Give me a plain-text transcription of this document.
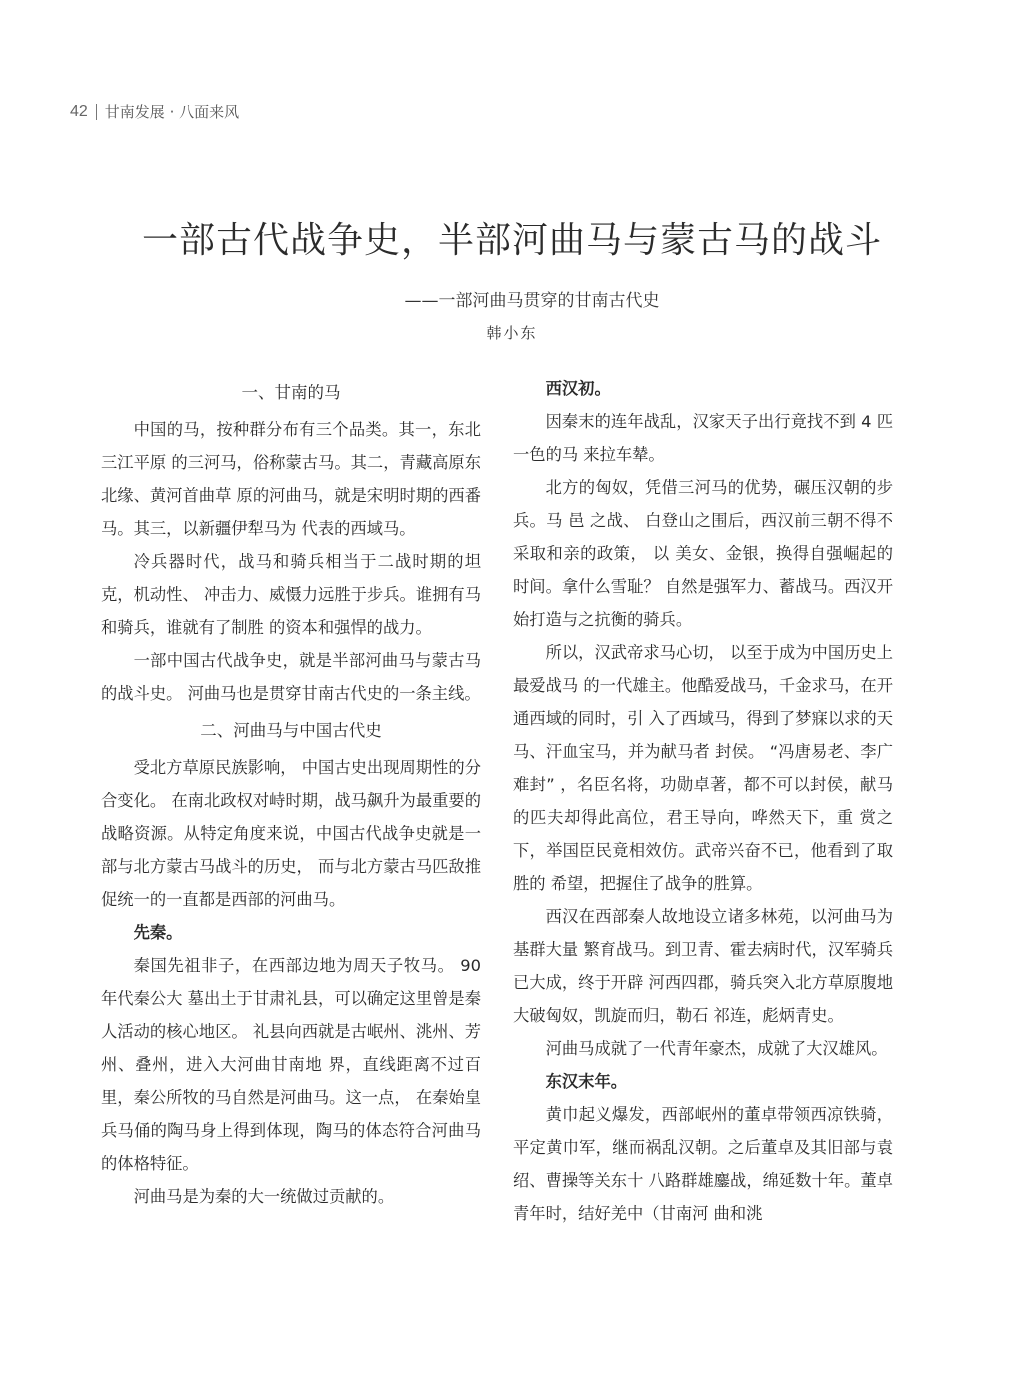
42 甘南发展 · 八面来风
一部古代战争史，半部河曲马与蒙古马的战斗
——一部河曲马贯穿的甘南古代史
韩小东
一、甘南的马

中国的马，按种群分布有三个品类。其一，东北三江平原 的三河马，俗称蒙古马。其二，青藏高原东北缘、黄河首曲草 原的河曲马，就是宋明时期的西番马。其三，以新疆伊犁马为 代表的西域马。

冷兵器时代，战马和骑兵相当于二战时期的坦克，机动性、 冲击力、威慑力远胜于步兵。谁拥有马和骑兵，谁就有了制胜 的资本和强悍的战力。

一部中国古代战争史，就是半部河曲马与蒙古马的战斗史。 河曲马也是贯穿甘南古代史的一条主线。

二、河曲马与中国古代史

受北方草原民族影响， 中国古史出现周期性的分合变化。 在南北政权对峙时期，战马飙升为最重要的战略资源。从特定角度来说，中国古代战争史就是一部与北方蒙古马战斗的历史， 而与北方蒙古马匹敌推促统一的一直都是西部的河曲马。

先秦。

秦国先祖非子，在西部边地为周天子牧马。 90 年代秦公大 墓出土于甘肃礼县，可以确定这里曾是秦人活动的核心地区。 礼县向西就是古岷州、洮州、芳州、叠州，进入大河曲甘南地 界，直线距离不过百里，秦公所牧的马自然是河曲马。这一点， 在秦始皇兵马俑的陶马身上得到体现，陶马的体态符合河曲马 的体格特征。

河曲马是为秦的大一统做过贡献的。

西汉初。

因秦末的连年战乱，汉家天子出行竟找不到 4 匹一色的马 来拉车辇。

北方的匈奴，凭借三河马的优势，碾压汉朝的步兵。马 邑 之战、 白登山之围后，西汉前三朝不得不采取和亲的政策， 以 美女、金银，换得自强崛起的时间。拿什么雪耻？ 自然是强军力、蓄战马。西汉开始打造与之抗衡的骑兵。

所以，汉武帝求马心切， 以至于成为中国历史上最爱战马 的一代雄主。他酷爱战马，千金求马，在开通西域的同时，引 入了西域马，得到了梦寐以求的天马、汗血宝马，并为献马者 封侯。 “冯唐易老、李广难封” ，名臣名将，功勋卓著，都不可以封侯，献马的匹夫却得此高位，君王导向，哗然天下，重 赏之下，举国臣民竟相效仿。武帝兴奋不已，他看到了取胜的 希望，把握住了战争的胜算。

西汉在西部秦人故地设立诸多林苑，以河曲马为基群大量 繁育战马。到卫青、霍去病时代，汉军骑兵已大成，终于开辟 河西四郡，骑兵突入北方草原腹地大破匈奴，凯旋而归，勒石 祁连，彪炳青史。

河曲马成就了一代青年豪杰，成就了大汉雄风。

东汉末年。

黄巾起义爆发，西部岷州的董卓带领西凉铁骑，平定黄巾军，继而祸乱汉朝。之后董卓及其旧部与袁绍、曹操等关东十 八路群雄鏖战，绵延数十年。董卓青年时，结好羌中（甘南河 曲和洮
